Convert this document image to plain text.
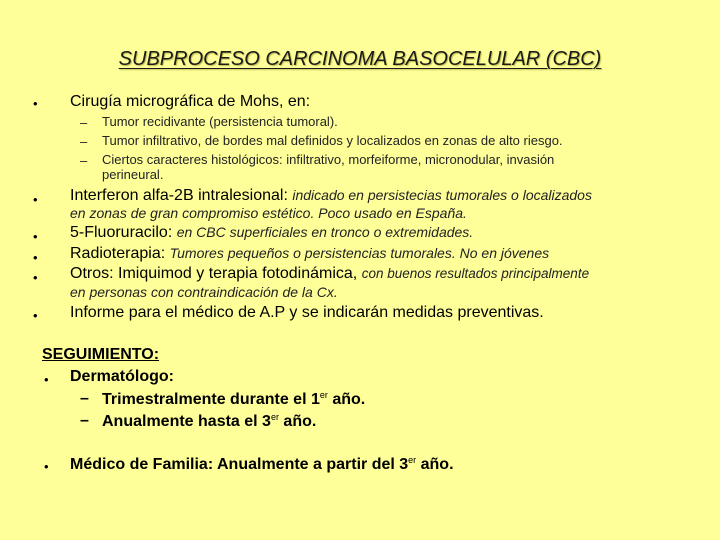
SUBPROCESO CARCINOMA BASOCELULAR (CBC)
• Cirugía micrográfica de Mohs, en:
– Tumor recidivante (persistencia tumoral).
– Tumor infiltrativo, de bordes mal definidos y localizados en zonas de alto riesgo.
– Ciertos caracteres histológicos: infiltrativo, morfeiforme, micronodular, invasión
perineural.
• Interferon alfa-2B intralesional: indicado en persistecias tumorales o localizados
en zonas de gran compromiso estético. Poco usado en España.
• 5-Fluoruracilo: en CBC superficiales en tronco o extremidades.
• Radioterapia: Tumores pequeños o persistencias tumorales. No en jóvenes
• Otros: Imiquimod y terapia fotodinámica, con buenos resultados principalmente
en personas con contraindicación de la Cx.
• Informe para el médico de A.P y se indicarán medidas preventivas.
SEGUIMIENTO:
• Dermatólogo:
– Trimestralmente durante el 1er año.
– Anualmente hasta el 3er año.
• Médico de Familia: Anualmente a partir del 3er año.
